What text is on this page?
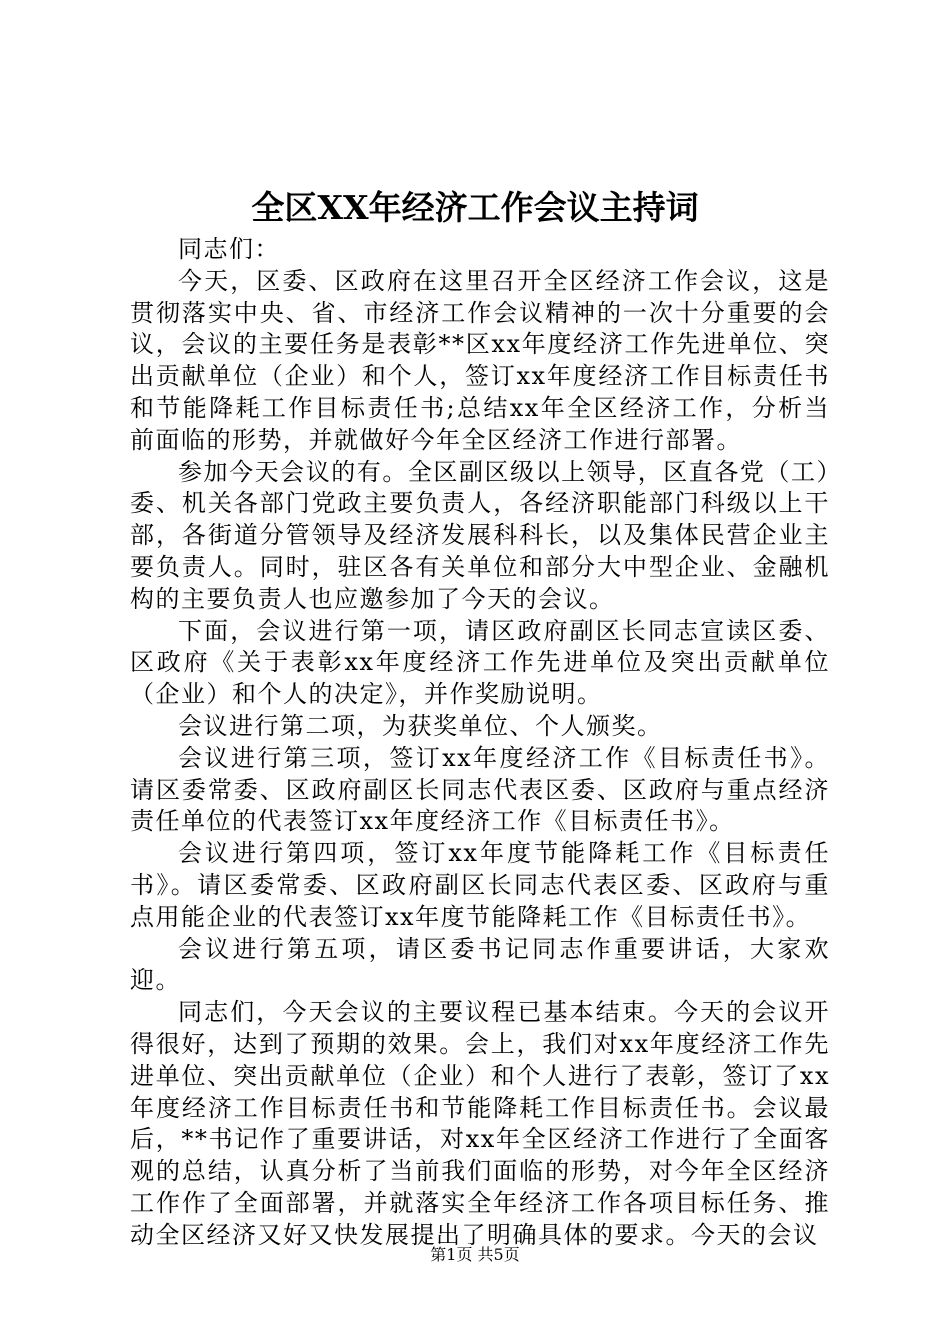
全区XX年经济工作会议主持词

同志们：

今天，区委、区政府在这里召开全区经济工作会议，这是贯彻落实中央、省、市经济工作会议精神的一次十分重要的会议，会议的主要任务是表彰**区xx年度经济工作先进单位、突出贡献单位（企业）和个人，签订xx年度经济工作目标责任书和节能降耗工作目标责任书;总结xx年全区经济工作，分析当前面临的形势，并就做好今年全区经济工作进行部署。

参加今天会议的有。全区副区级以上领导，区直各党（工）委、机关各部门党政主要负责人，各经济职能部门科级以上干部，各街道分管领导及经济发展科科长，以及集体民营企业主要负责人。同时，驻区各有关单位和部分大中型企业、金融机构的主要负责人也应邀参加了今天的会议。

下面，会议进行第一项，请区政府副区长同志宣读区委、区政府《关于表彰xx年度经济工作先进单位及突出贡献单位（企业）和个人的决定》，并作奖励说明。

会议进行第二项，为获奖单位、个人颁奖。

会议进行第三项，签订xx年度经济工作《目标责任书》。请区委常委、区政府副区长同志代表区委、区政府与重点经济责任单位的代表签订xx年度经济工作《目标责任书》。

会议进行第四项，签订xx年度节能降耗工作《目标责任书》。请区委常委、区政府副区长同志代表区委、区政府与重点用能企业的代表签订xx年度节能降耗工作《目标责任书》。

会议进行第五项，请区委书记同志作重要讲话，大家欢迎。

同志们，今天会议的主要议程已基本结束。今天的会议开得很好，达到了预期的效果。会上，我们对xx年度经济工作先进单位、突出贡献单位（企业）和个人进行了表彰，签订了xx年度经济工作目标责任书和节能降耗工作目标责任书。会议最后，**书记作了重要讲话，对xx年全区经济工作进行了全面客观的总结，认真分析了当前我们面临的形势，对今年全区经济工作作了全面部署，并就落实全年经济工作各项目标任务、推动全区经济又好又快发展提出了明确具体的要求。今天的会议

第1页 共5页
